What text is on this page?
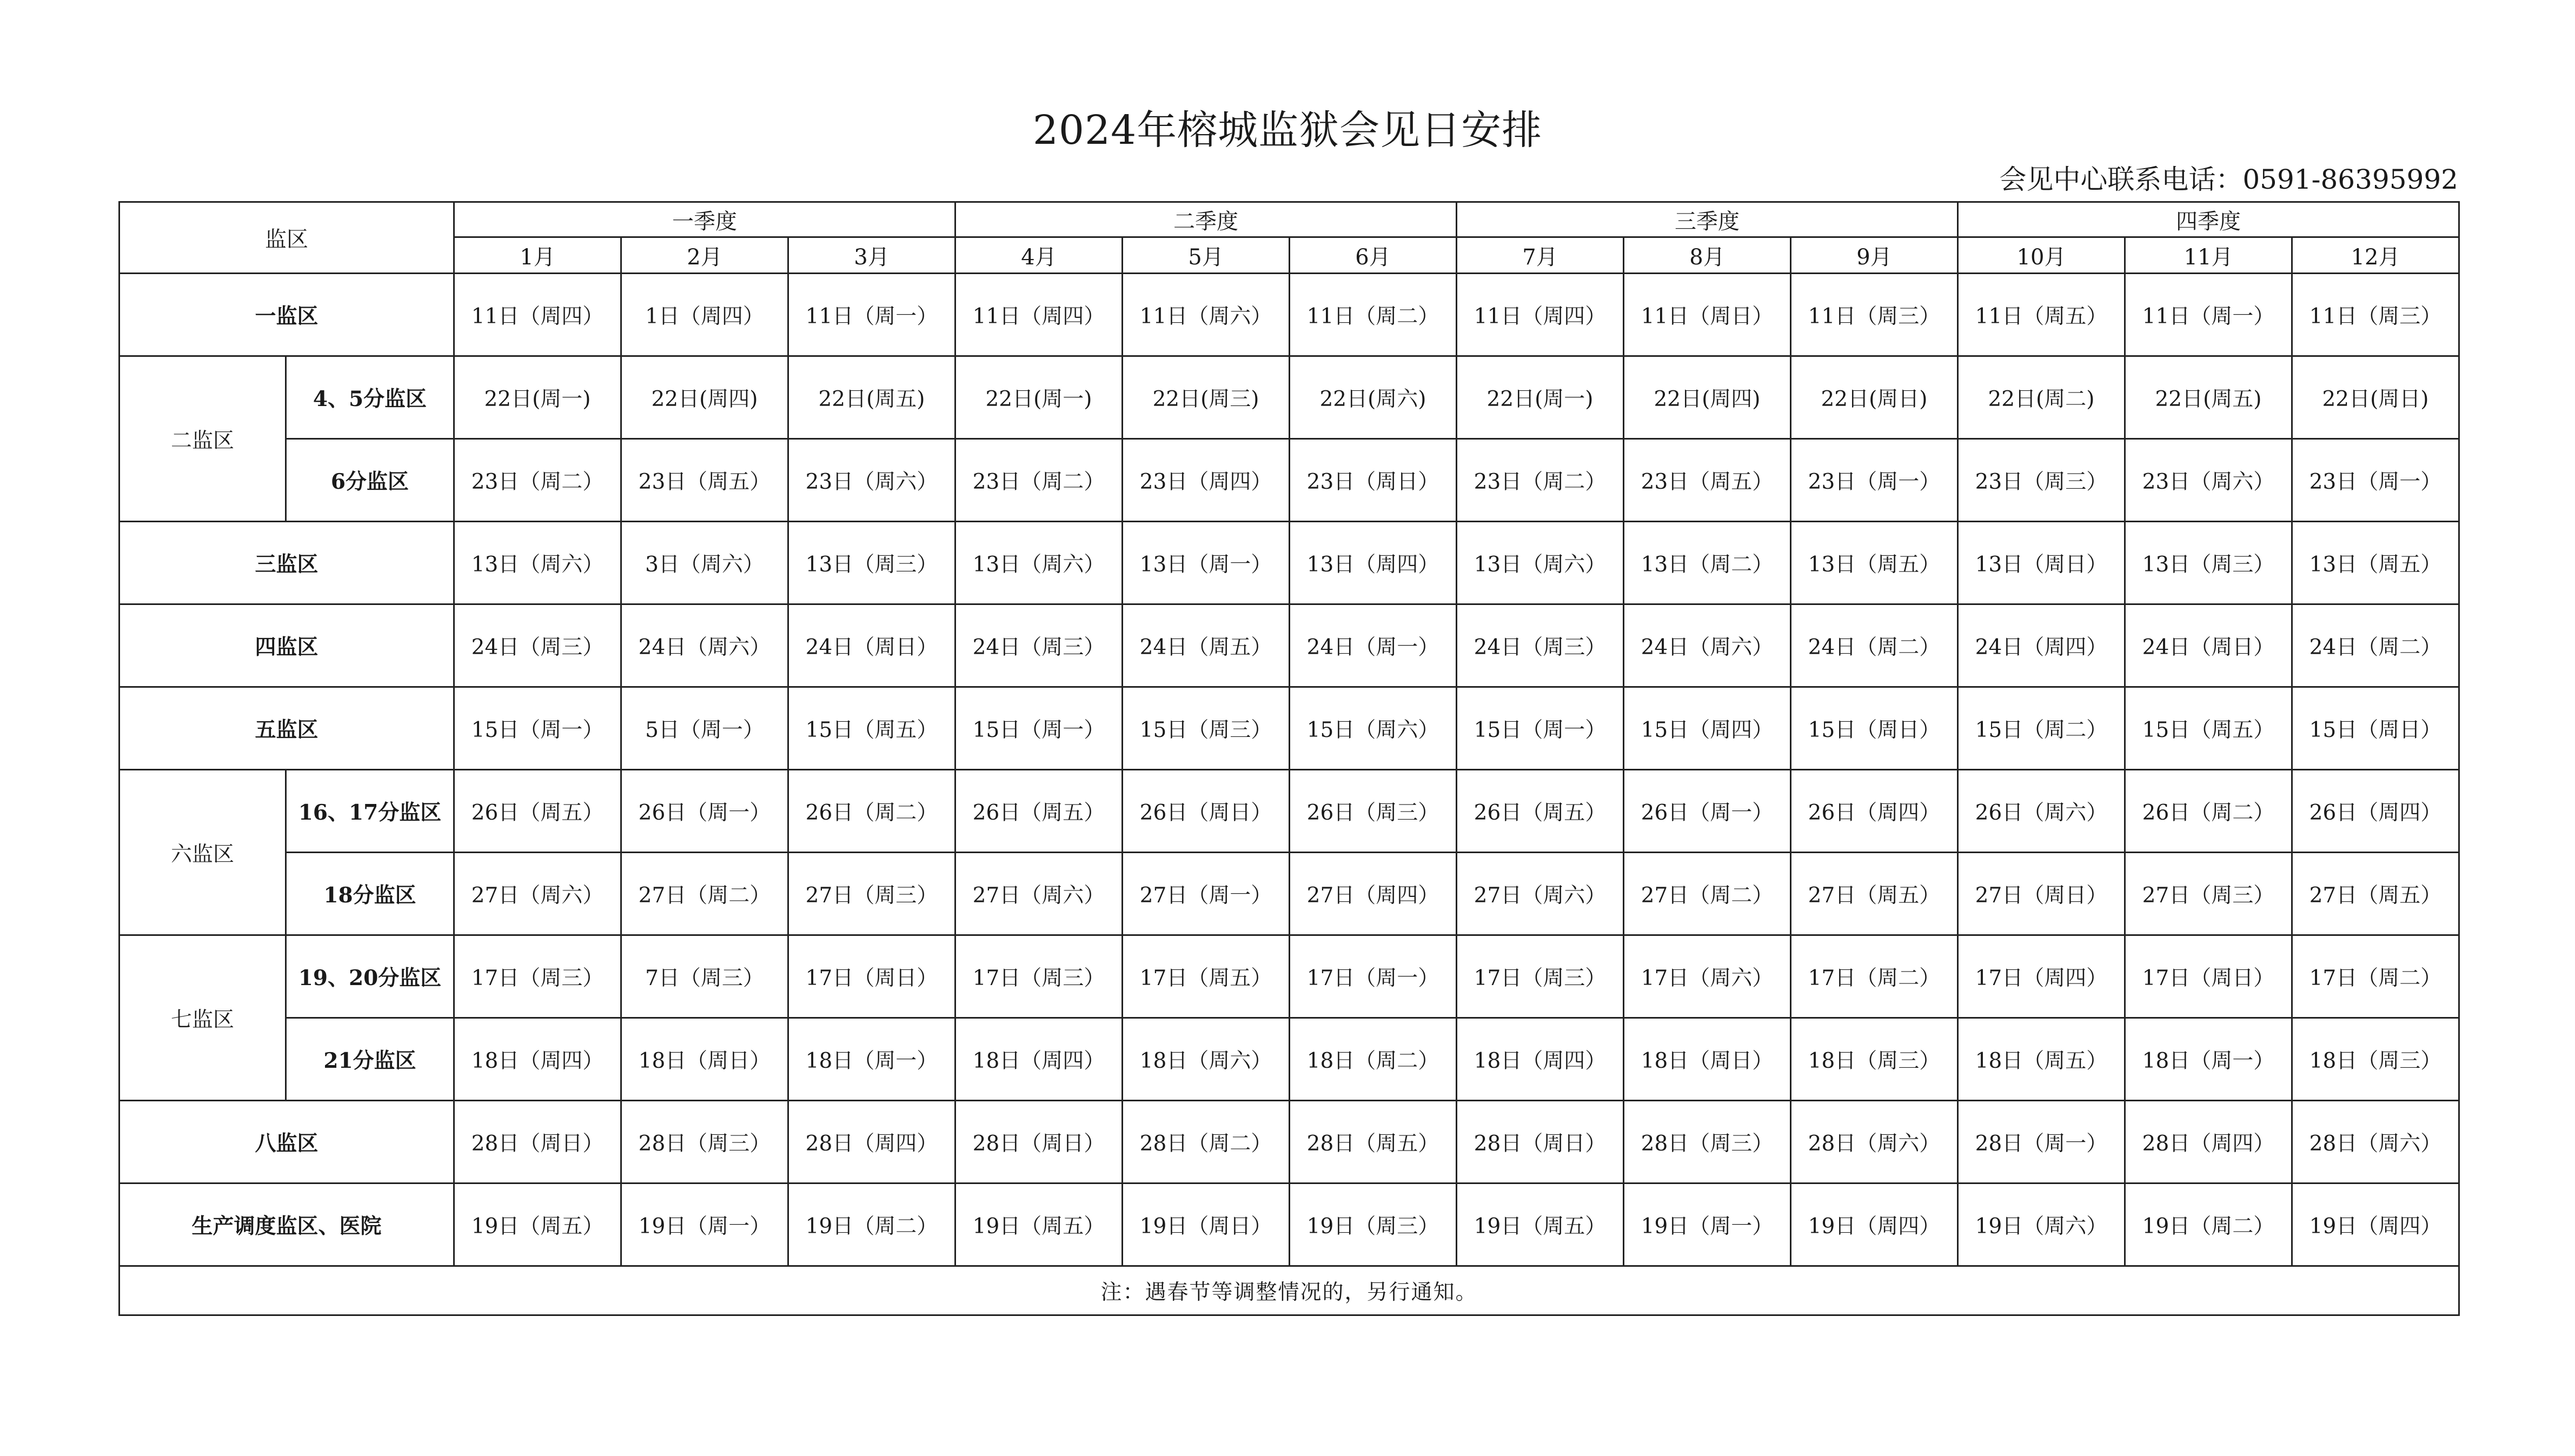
2024年榕城监狱会见日安排
会见中心联系电话：0591-86395992
监区		一季度			二季度			三季度			四季度		
		1月	2月	3月	4月	5月	6月	7月	8月	9月	10月	11月	12月
一监区		11日（周四）	1日（周四）	11日（周一）	11日（周四）	11日（周六）	11日（周二）	11日（周四）	11日（周日）	11日（周三）	11日（周五）	11日（周一）	11日（周三）
二监区	4、5分监区	22日(周一)	22日(周四)	22日(周五)	22日(周一)	22日(周三)	22日(周六)	22日(周一)	22日(周四)	22日(周日)	22日(周二)	22日(周五)	22日(周日)
	6分监区	23日（周二）	23日（周五）	23日（周六）	23日（周二）	23日（周四）	23日（周日）	23日（周二）	23日（周五）	23日（周一）	23日（周三）	23日（周六）	23日（周一）
三监区		13日（周六）	3日（周六）	13日（周三）	13日（周六）	13日（周一）	13日（周四）	13日（周六）	13日（周二）	13日（周五）	13日（周日）	13日（周三）	13日（周五）
四监区		24日（周三）	24日（周六）	24日（周日）	24日（周三）	24日（周五）	24日（周一）	24日（周三）	24日（周六）	24日（周二）	24日（周四）	24日（周日）	24日（周二）
五监区		15日（周一）	5日（周一）	15日（周五）	15日（周一）	15日（周三）	15日（周六）	15日（周一）	15日（周四）	15日（周日）	15日（周二）	15日（周五）	15日（周日）
六监区	16、17分监区	26日（周五）	26日（周一）	26日（周二）	26日（周五）	26日（周日）	26日（周三）	26日（周五）	26日（周一）	26日（周四）	26日（周六）	26日（周二）	26日（周四）
	18分监区	27日（周六）	27日（周二）	27日（周三）	27日（周六）	27日（周一）	27日（周四）	27日（周六）	27日（周二）	27日（周五）	27日（周日）	27日（周三）	27日（周五）
七监区	19、20分监区	17日（周三）	7日（周三）	17日（周日）	17日（周三）	17日（周五）	17日（周一）	17日（周三）	17日（周六）	17日（周二）	17日（周四）	17日（周日）	17日（周二）
	21分监区	18日（周四）	18日（周日）	18日（周一）	18日（周四）	18日（周六）	18日（周二）	18日（周四）	18日（周日）	18日（周三）	18日（周五）	18日（周一）	18日（周三）
八监区		28日（周日）	28日（周三）	28日（周四）	28日（周日）	28日（周二）	28日（周五）	28日（周日）	28日（周三）	28日（周六）	28日（周一）	28日（周四）	28日（周六）
生产调度监区、医院		19日（周五）	19日（周一）	19日（周二）	19日（周五）	19日（周日）	19日（周三）	19日（周五）	19日（周一）	19日（周四）	19日（周六）	19日（周二）	19日（周四）
注：遇春节等调整情况的，另行通知。													
